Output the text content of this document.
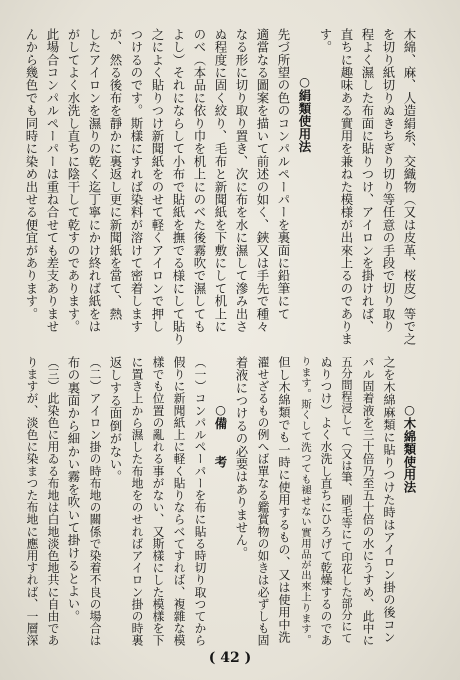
木綿、麻、人造絹糸、交織物（又は皮革、桜皮）等で之

を切り紙切りぬきちぎり切り等任意の手段で切り取り

程よく濕した布面に貼りつけ、アイロンを掛ければ、

直ちに趣味ある實用を兼ねた模様が出來上るのでありま

す。

○絹類使用法

先づ所望の色のコンパルペーパーを裏面に鉛筆にて

適當なる圖案を描いて前述の如く、鋏又は手先で種々

なる形に切り取り置き、次に布を水に濕して滲み出さ

ぬ程度に固く絞り、毛布と新聞紙を下敷にして机上に

のべ（本品に依り巾を机上にのべた後霧吹で濕しても

よし）それにならして小布で貼紙を撫でる様にして貼り

之によく貼りつけ新聞紙をのせて軽くアイロンで押し

つけるのです。斯樣にすれば染料が溶けて密着します

が、然る後布を靜かに裏返し更に新聞紙を當て、熱

したアイロンを濕りの乾く迄丁寧にかけ終れば紙をは

がしてよく水洗し直ちに陰干して乾すのであります。

此場合コンパルペーパーは重ね合せても差支ありませ

んから幾色でも同時に染め出せる便宜があります。

○木綿類使用法

之を木綿麻類に貼りつけた時はアイロン掛の後コン

パル固着液を三十倍乃至五十倍の水にうすめ、此中に

五分間程浸して（又は筆、刷毛等にて印花した部分にて

ぬりつけ）よく水洗し直ちにひろげて乾燥するのであ

ります。斯くして洗つても褪せない實用品が出來上ります。

但し木綿類でも一時に使用するもの、又は使用中洗

濯せざるもの例へば單なる鑑賞物の如きは必ずしも固

着液につけるの必要はありません。

○備　　考

（一）コンパルペーパーを布に貼る時切り取つてから

假りに新聞紙上に軽く貼りならべてすれば、複雜な模

樣でも位置の亂れる事がない、又斯樣にした模樣を下

に置き上から濕した布地をのせればアイロン掛の時裏

返しする面倒がない。

（二）アイロン掛の時布地の關係で染着不良の場合は

布の裏面から細かい霧を吹いて掛けるとよい。

（三）此染色に用ゐる布地は白地淡色地共に自由であ

りますが、淡色に染まつた布地に應用すれば、一層深

( 42 )
